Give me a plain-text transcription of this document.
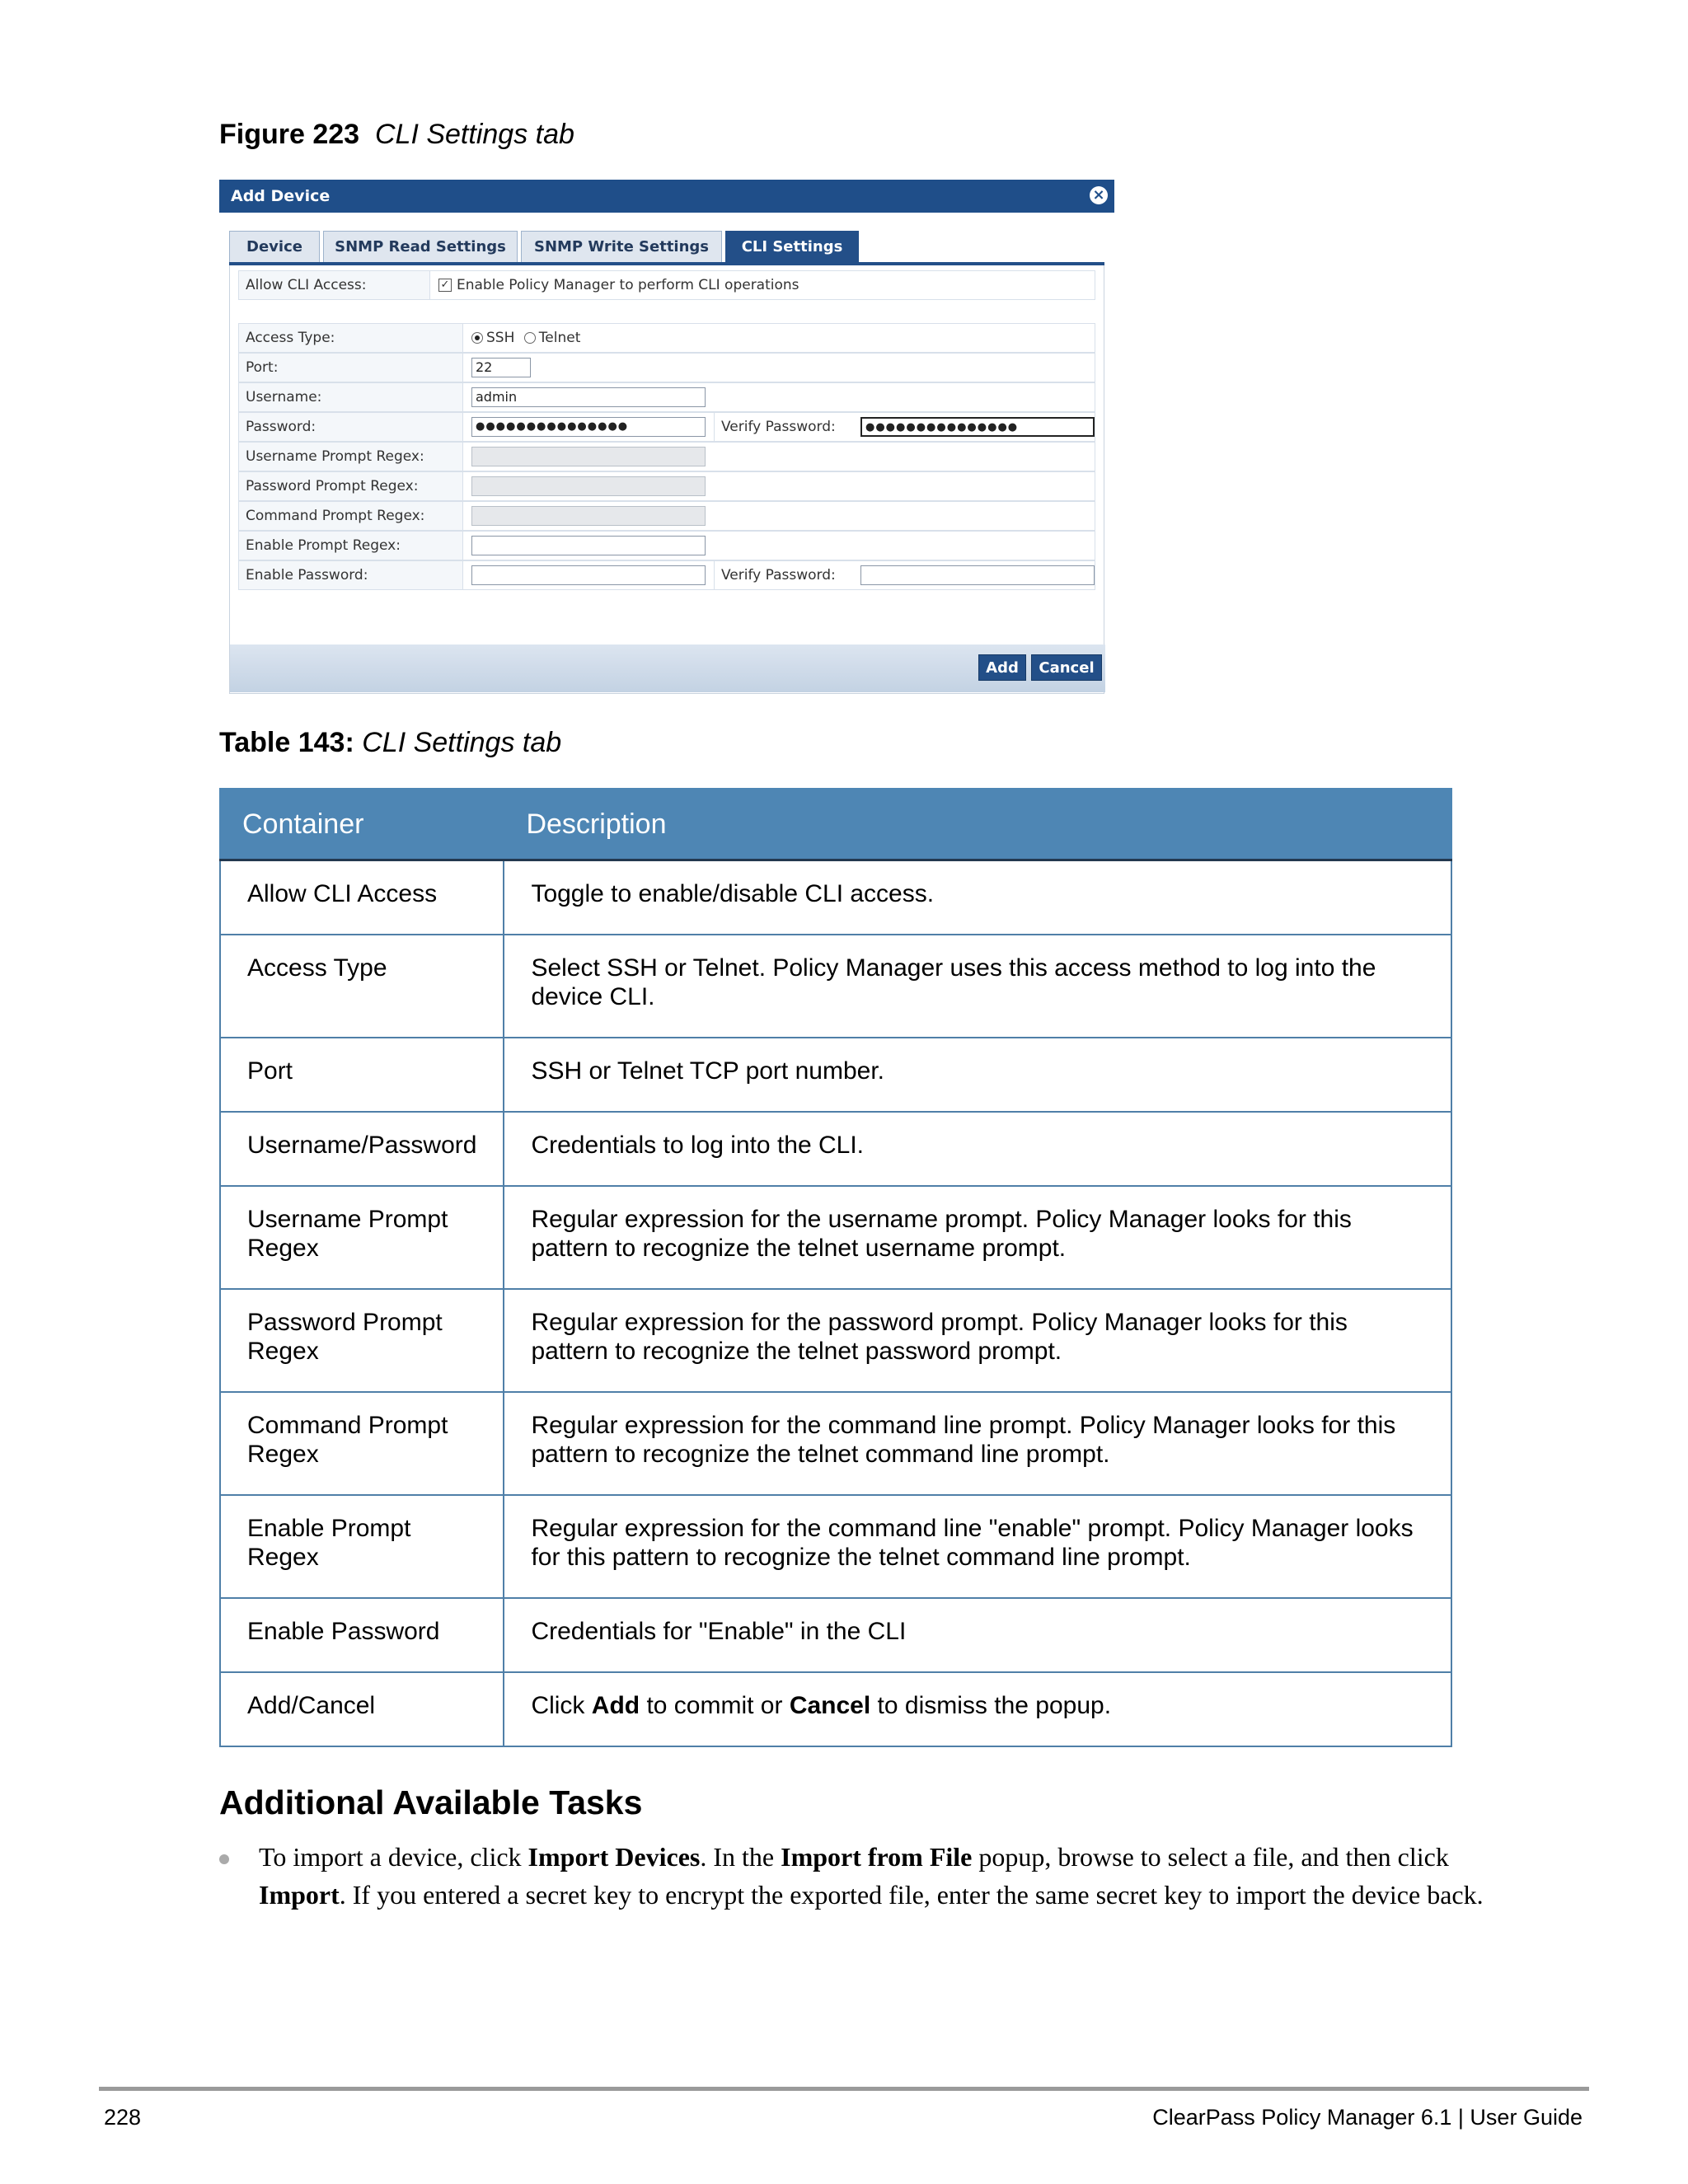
Figure 223 CLI Settings tab
Add Device	×
Device	SNMP Read Settings	SNMP Write Settings	CLI Settings
Allow CLI Access:	✓ Enable Policy Manager to perform CLI operations
Access Type:	SSH Telnet
Port:	22
Username:	admin
Password:	●●●●●●●●●●●●●●●	Verify Password:	●●●●●●●●●●●●●●●
Username Prompt Regex:
Password Prompt Regex:
Command Prompt Regex:
Enable Prompt Regex:
Enable Password:	Verify Password:
Add	Cancel
Table 143: CLI Settings tab
Container	Description
Allow CLI Access	Toggle to enable/disable CLI access.
Access Type	Select SSH or Telnet. Policy Manager uses this access method to log into the device CLI.
Port	SSH or Telnet TCP port number.
Username/Password	Credentials to log into the CLI.
Username Prompt Regex	Regular expression for the username prompt. Policy Manager looks for this pattern to recognize the telnet username prompt.
Password Prompt Regex	Regular expression for the password prompt. Policy Manager looks for this pattern to recognize the telnet password prompt.
Command Prompt Regex	Regular expression for the command line prompt. Policy Manager looks for this pattern to recognize the telnet command line prompt.
Enable Prompt Regex	Regular expression for the command line "enable" prompt. Policy Manager looks for this pattern to recognize the telnet command line prompt.
Enable Password	Credentials for "Enable" in the CLI
Add/Cancel	Click Add to commit or Cancel to dismiss the popup.
Additional Available Tasks
To import a device, click Import Devices. In the Import from File popup, browse to select a file, and then click
Import. If you entered a secret key to encrypt the exported file, enter the same secret key to import the device back.
228	ClearPass Policy Manager 6.1 | User Guide
